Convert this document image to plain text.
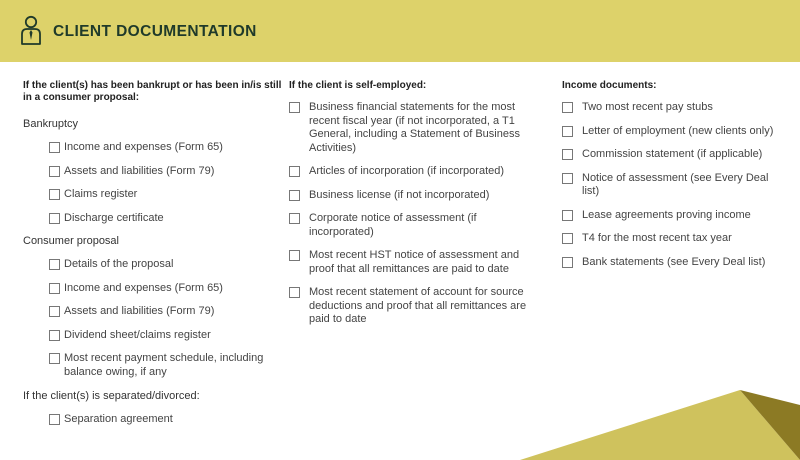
CLIENT DOCUMENTATION
If the client(s) has been bankrupt or has been in/is still in a consumer proposal:
Bankruptcy
Income and expenses (Form 65)
Assets and liabilities (Form 79)
Claims register
Discharge certificate
Consumer proposal
Details of the proposal
Income and expenses (Form 65)
Assets and liabilities (Form 79)
Dividend sheet/claims register
Most recent payment schedule, including balance owing, if any
If the client(s) is separated/divorced:
Separation agreement
If the client is self-employed:
Business financial statements for the most recent fiscal year (if not incorporated, a T1 General, including a Statement of Business Activities)
Articles of incorporation (if incorporated)
Business license (if not incorporated)
Corporate notice of assessment (if incorporated)
Most recent HST notice of assessment and proof that all remittances are paid to date
Most recent statement of account for source deductions and proof that all remittances are paid to date
Income documents:
Two most recent pay stubs
Letter of employment (new clients only)
Commission statement (if applicable)
Notice of assessment (see Every Deal list)
Lease agreements proving income
T4 for the most recent tax year
Bank statements (see Every Deal list)
